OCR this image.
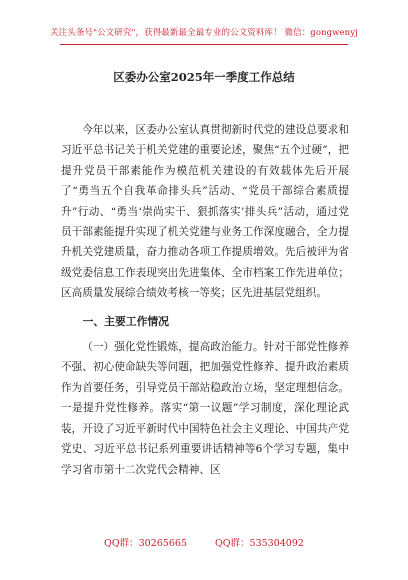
关注头条号"公文研究"，获得最新最全最专业的公文资料库！ 微信：gongwenyj
区委办公室2025年一季度工作总结

今年以来，区委办公室认真贯彻新时代党的建设总要求和习近平总书记关于机关党建的重要论述，聚焦“五个过硬”，把提升党员干部素能作为模范机关建设的有效载体先后开展了“勇当五个自我革命排头兵”活动、“党员干部综合素质提升”行动、“勇当‘崇尚实干、狠抓落实’排头兵”活动，通过党员干部素能提升实现了机关党建与业务工作深度融合，全力提升机关党建质量，奋力推动各项工作提质增效。先后被评为省级党委信息工作表现突出先进集体、全市档案工作先进单位；区高质量发展综合绩效考核一等奖；区先进基层党组织。

一、主要工作情况

（一）强化党性锻炼，提高政治能力。针对干部党性修养不强、初心使命缺失等问题，把加强党性修养、提升政治素质作为首要任务，引导党员干部站稳政治立场，坚定理想信念。一是提升党性修养。落实“第一议题”学习制度，深化理论武装，开设了习近平新时代中国特色社会主义理论、中国共产党党史、习近平总书记系列重要讲话精神等6个学习专题，集中学习省市第十二次党代会精神、区

QQ群：30265665	QQ群：535304092
